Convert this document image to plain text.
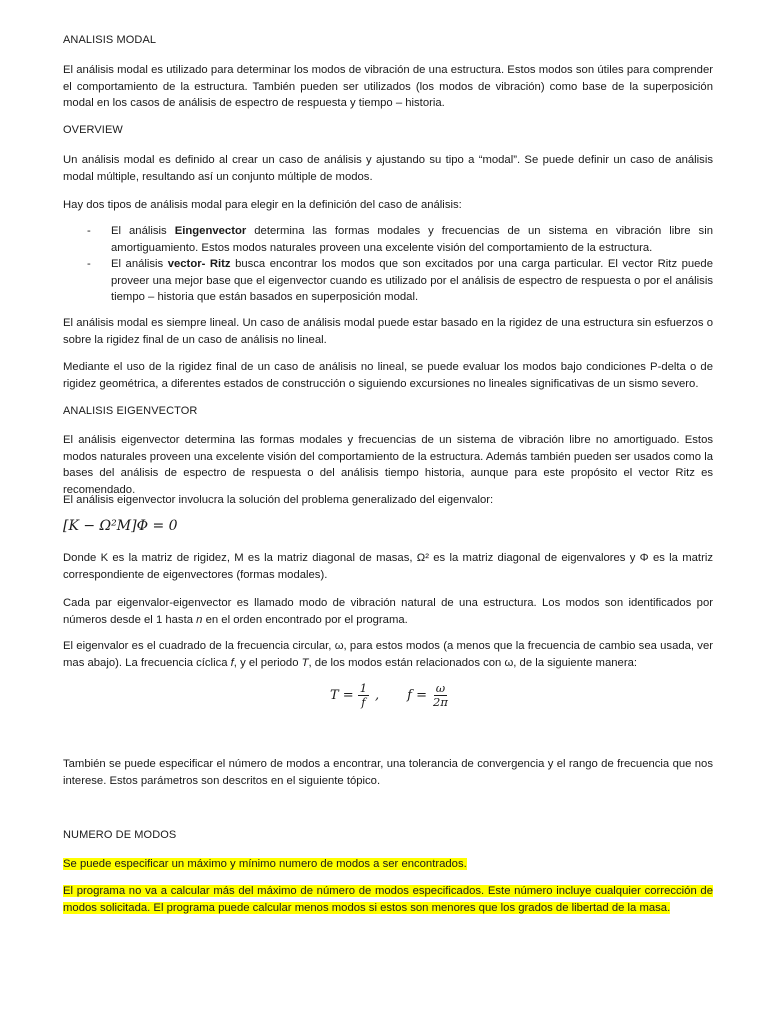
ANALISIS MODAL

El análisis modal es utilizado para determinar los modos de vibración de una estructura. Estos modos son útiles para comprender el comportamiento de la estructura. También pueden ser utilizados (los modos de vibración) como base de la superposición modal en los casos de análisis de espectro de respuesta y tiempo – historia.

OVERVIEW

Un análisis modal es definido al crear un caso de análisis y ajustando su tipo a “modal”. Se puede definir un caso de análisis modal múltiple, resultando así un conjunto múltiple de modos.

Hay dos tipos de análisis modal para elegir en la definición del caso de análisis:

- El análisis Eingenvector determina las formas modales y frecuencias de un sistema en vibración libre sin amortiguamiento. Estos modos naturales proveen una excelente visión del comportamiento de la estructura.
- El análisis vector- Ritz busca encontrar los modos que son excitados por una carga particular. El vector Ritz puede proveer una mejor base que el eigenvector cuando es utilizado por el análisis de espectro de respuesta o por el análisis tiempo – historia que están basados en superposición modal.

El análisis modal es siempre lineal. Un caso de análisis modal puede estar basado en la rigidez de una estructura sin esfuerzos o sobre la rigidez final de un caso de análisis no lineal.

Mediante el uso de la rigidez final de un caso de análisis no lineal, se puede evaluar los modos bajo condiciones P-delta o de rigidez geométrica, a diferentes estados de construcción o siguiendo excursiones no lineales significativas de un sismo severo.

ANALISIS EIGENVECTOR

El análisis eigenvector determina las formas modales y frecuencias de un sistema de vibración libre no amortiguado. Estos modos naturales proveen una excelente visión del comportamiento de la estructura. Además también pueden ser usados como la bases del análisis de espectro de respuesta o del análisis tiempo historia, aunque para este propósito el vector Ritz es recomendado.

El análisis eigenvector involucra la solución del problema generalizado del eigenvalor:

[K − Ω²M]Φ = 0

Donde K es la matriz de rigidez, M es la matriz diagonal de masas, Ω² es la matriz diagonal de eigenvalores y Φ es la matriz correspondiente de eigenvectores (formas modales).

Cada par eigenvalor-eigenvector es llamado modo de vibración natural de una estructura. Los modos son identificados por números desde el 1 hasta n en el orden encontrado por el programa.

El eigenvalor es el cuadrado de la frecuencia circular, ω, para estos modos (a menos que la frecuencia de cambio sea usada, ver mas abajo). La frecuencia cíclica f, y el periodo T, de los modos están relacionados con ω, de la siguiente manera:

$T = \frac{1}{f}$ , $f = \frac{\omega}{2\pi}$

También se puede especificar el número de modos a encontrar, una tolerancia de convergencia y el rango de frecuencia que nos interese. Estos parámetros son descritos en el siguiente tópico.

NUMERO DE MODOS

Se puede especificar un máximo y mínimo numero de modos a ser encontrados.

El programa no va a calcular más del máximo de número de modos especificados. Este número incluye cualquier corrección de modos solicitada. El programa puede calcular menos modos si estos son menores que los grados de libertad de la masa.
